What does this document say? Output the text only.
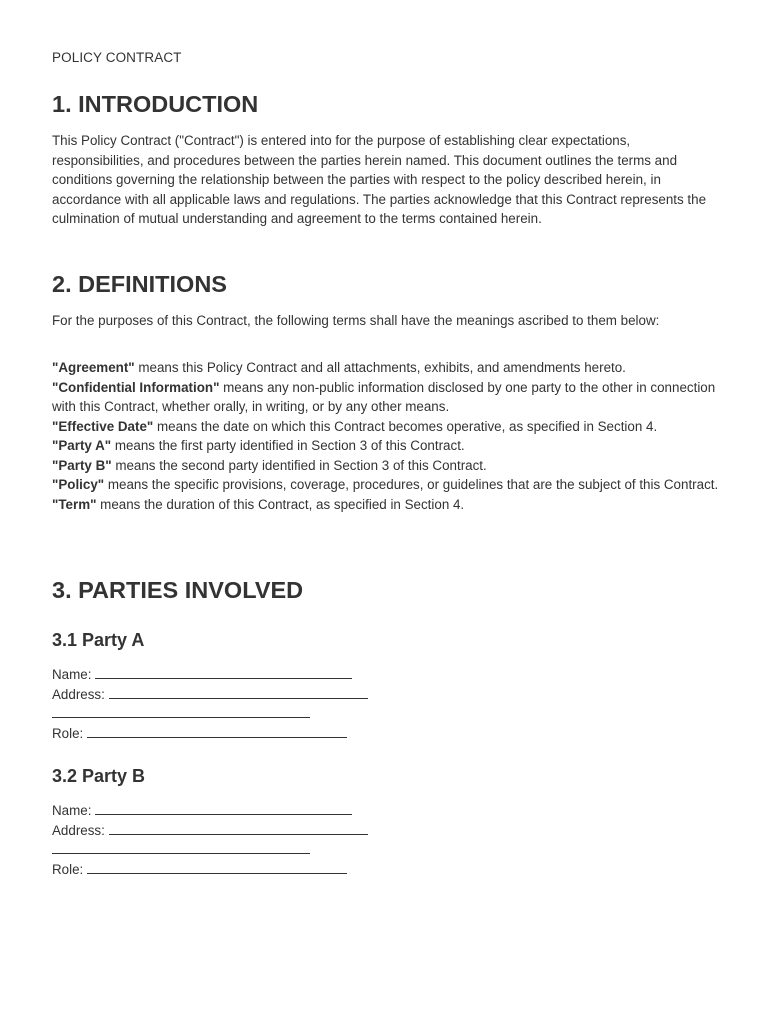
POLICY CONTRACT
1. INTRODUCTION

This Policy Contract ("Contract") is entered into for the purpose of establishing clear expectations, responsibilities, and procedures between the parties herein named. This document outlines the terms and conditions governing the relationship between the parties with respect to the policy described herein, in accordance with all applicable laws and regulations. The parties acknowledge that this Contract represents the culmination of mutual understanding and agreement to the terms contained herein.

2. DEFINITIONS

For the purposes of this Contract, the following terms shall have the meanings ascribed to them below:

"Agreement" means this Policy Contract and all attachments, exhibits, and amendments hereto.

"Confidential Information" means any non-public information disclosed by one party to the other in connection with this Contract, whether orally, in writing, or by any other means.

"Effective Date" means the date on which this Contract becomes operative, as specified in Section 4.

"Party A" means the first party identified in Section 3 of this Contract.

"Party B" means the second party identified in Section 3 of this Contract.

"Policy" means the specific provisions, coverage, procedures, or guidelines that are the subject of this Contract.

"Term" means the duration of this Contract, as specified in Section 4.

3. PARTIES INVOLVED
3.1 Party A
Name:
Address:
Role:
3.2 Party B
Name:
Address:
Role:
